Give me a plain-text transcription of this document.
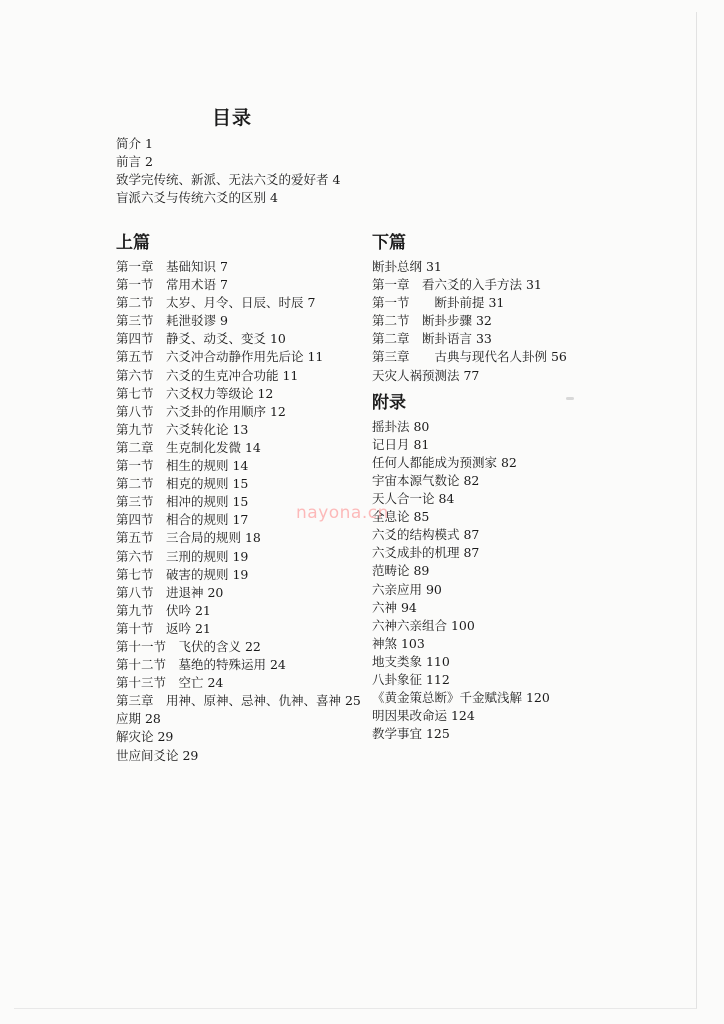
目录
简介 1
前言 2
致学完传统、新派、无法六爻的爱好者 4
盲派六爻与传统六爻的区别 4
上篇
第一章　基础知识 7
第一节　常用术语 7
第二节　太岁、月令、日辰、时辰 7
第三节　耗泄驳谬 9
第四节　静爻、动爻、变爻 10
第五节　六爻冲合动静作用先后论 11
第六节　六爻的生克冲合功能 11
第七节　六爻权力等级论 12
第八节　六爻卦的作用顺序 12
第九节　六爻转化论 13
第二章　生克制化发微 14
第一节　相生的规则 14
第二节　相克的规则 15
第三节　相冲的规则 15
第四节　相合的规则 17
第五节　三合局的规则 18
第六节　三刑的规则 19
第七节　破害的规则 19
第八节　进退神 20
第九节　伏吟 21
第十节　返吟 21
第十一节　飞伏的含义 22
第十二节　墓绝的特殊运用 24
第十三节　空亡 24
第三章　用神、原神、忌神、仇神、喜神 25
应期 28
解灾论 29
世应间爻论 29
下篇
断卦总纲 31
第一章　看六爻的入手方法 31
第一节　　断卦前提 31
第二节　断卦步骤 32
第二章　断卦语言 33
第三章　　古典与现代名人卦例 56
天灾人祸预测法 77
附录
摇卦法 80
记日月 81
任何人都能成为预测家 82
宇宙本源气数论 82
天人合一论 84
全息论 85
六爻的结构模式 87
六爻成卦的机理 87
范畴论 89
六亲应用 90
六神 94
六神六亲组合 100
神煞 103
地支类象 110
八卦象征 112
《黄金策总断》千金赋浅解 120
明因果改命运 124
教学事宜 125
nayona.cn
